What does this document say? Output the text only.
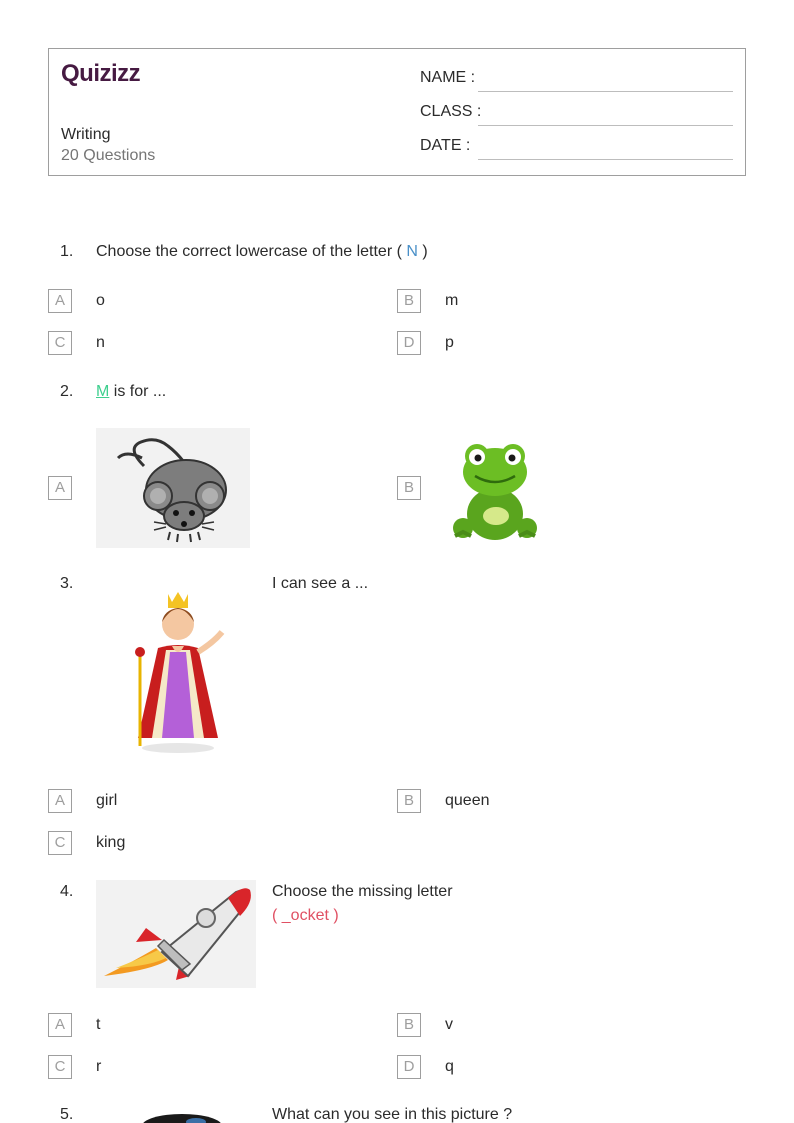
Quizizz
Writing
20 Questions
NAME :
CLASS :
DATE :
1. Choose the correct lowercase of the letter ( N )
A	o	B	m
C	n	D	p
2. M is for ...
A	B
3.	I can see a ...
A	girl	B	queen
C	king
4.	Choose the missing letter
( _ocket )
A	t	B	v
C	r	D	q
5.	What can you see in this picture ?
